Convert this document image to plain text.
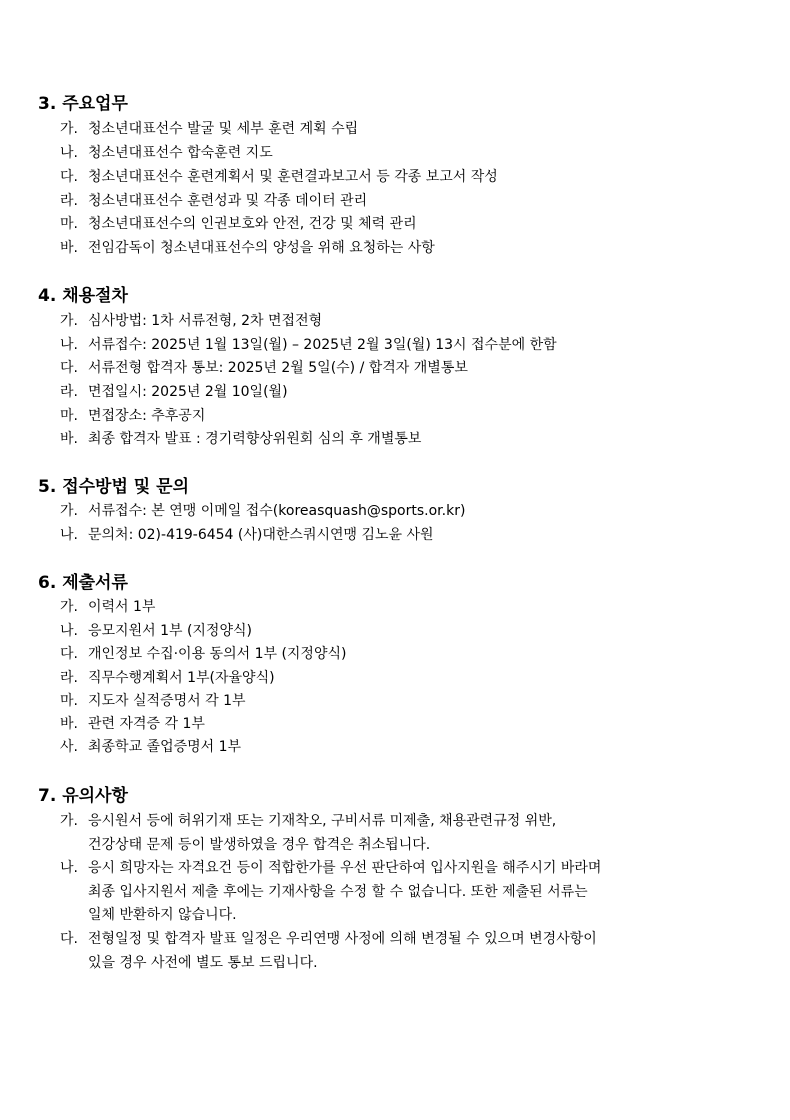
3. 주요업무
가. 청소년대표선수 발굴 및 세부 훈련 계획 수립
나. 청소년대표선수 합숙훈련 지도
다. 청소년대표선수 훈련계획서 및 훈련결과보고서 등 각종 보고서 작성
라. 청소년대표선수 훈련성과 및 각종 데이터 관리
마. 청소년대표선수의 인권보호와 안전, 건강 및 체력 관리
바. 전임감독이 청소년대표선수의 양성을 위해 요청하는 사항
4. 채용절차
가. 심사방법: 1차 서류전형, 2차 면접전형
나. 서류접수: 2025년 1월 13일(월) – 2025년 2월 3일(월) 13시 접수분에 한함
다. 서류전형 합격자 통보: 2025년 2월 5일(수) / 합격자 개별통보
라. 면접일시: 2025년 2월 10일(월)
마. 면접장소: 추후공지
바. 최종 합격자 발표 : 경기력향상위원회 심의 후 개별통보
5. 접수방법 및 문의
가. 서류접수: 본 연맹 이메일 접수(koreasquash@sports.or.kr)
나. 문의처: 02)-419-6454 (사)대한스쿼시연맹 김노윤 사원
6. 제출서류
가. 이력서 1부
나. 응모지원서 1부 (지정양식)
다. 개인정보 수집·이용 동의서 1부 (지정양식)
라. 직무수행계획서 1부(자율양식)
마. 지도자 실적증명서 각 1부
바. 관련 자격증 각 1부
사. 최종학교 졸업증명서 1부
7. 유의사항
가. 응시원서 등에 허위기재 또는 기재착오, 구비서류 미제출, 채용관련규정 위반,
건강상태 문제 등이 발생하였을 경우 합격은 취소됩니다.
나. 응시 희망자는 자격요건 등이 적합한가를 우선 판단하여 입사지원을 해주시기 바라며
최종 입사지원서 제출 후에는 기재사항을 수정 할 수 없습니다. 또한 제출된 서류는
일체 반환하지 않습니다.
다. 전형일정 및 합격자 발표 일정은 우리연맹 사정에 의해 변경될 수 있으며 변경사항이
있을 경우 사전에 별도 통보 드립니다.
